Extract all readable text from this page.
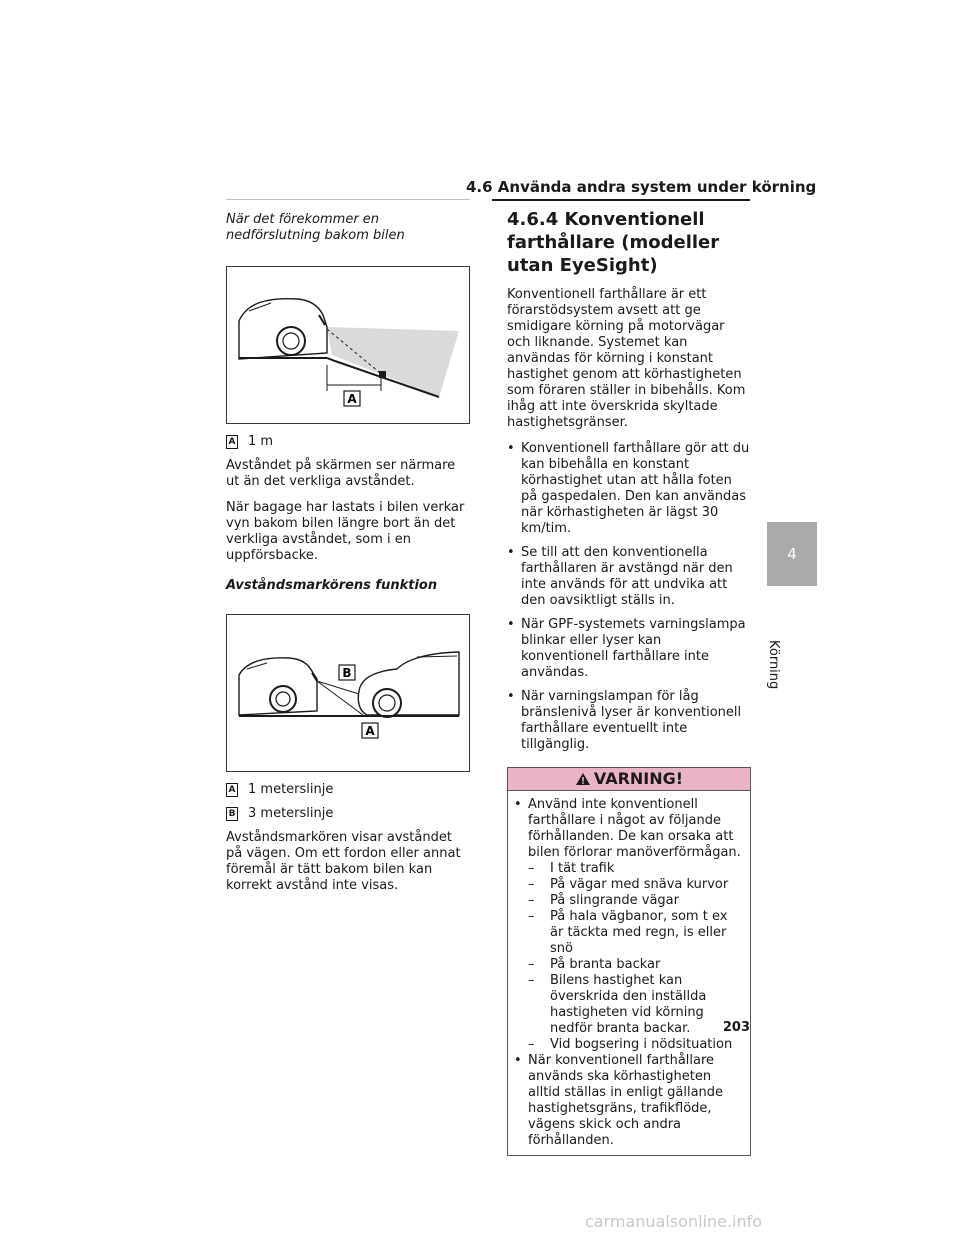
4.6 Använda andra system under körning

När det förekommer en nedförslutning bakom bilen

A
A 1 m

Avståndet på skärmen ser närmare ut än det verkliga avståndet.

När bagage har lastats i bilen verkar vyn bakom bilen längre bort än det verkliga avståndet, som i en uppförsbacke.

Avståndsmarkörens funktion

B
A
A 1 meterslinje
B 3 meterslinje

Avståndsmarkören visar avståndet på vägen. Om ett fordon eller annat föremål är tätt bakom bilen kan korrekt avstånd inte visas.

4.6.4 Konventionell farthållare (modeller utan EyeSight)

Konventionell farthållare är ett förarstödsystem avsett att ge smidigare körning på motorvägar och liknande. Systemet kan användas för körning i konstant hastighet genom att körhastigheten som föraren ställer in bibehålls. Kom ihåg att inte överskrida skyltade hastighetsgränser.

• Konventionell farthållare gör att du kan bibehålla en konstant körhastighet utan att hålla foten på gaspedalen. Den kan användas när körhastigheten är lägst 30 km/tim.
• Se till att den konventionella farthållaren är avstängd när den inte används för att undvika att den oavsiktligt ställs in.
• När GPF-systemets varningslampa blinkar eller lyser kan konventionell farthållare inte användas.
• När varningslampan för låg bränslenivå lyser är konventionell farthållare eventuellt inte tillgänglig.
VARNING!
• Använd inte konventionell farthållare i något av följande förhållanden. De kan orsaka att bilen förlorar manöverförmågan.
– I tät trafik
– På vägar med snäva kurvor
– På slingrande vägar
– På hala vägbanor, som t ex är täckta med regn, is eller snö
– På branta backar
– Bilens hastighet kan överskrida den inställda hastigheten vid körning nedför branta backar.
– Vid bogsering i nödsituation
• När konventionell farthållare används ska körhastigheten alltid ställas in enligt gällande hastighetsgräns, trafikflöde, vägens skick och andra förhållanden.
4
Körning
203
carmanualsonline.info
